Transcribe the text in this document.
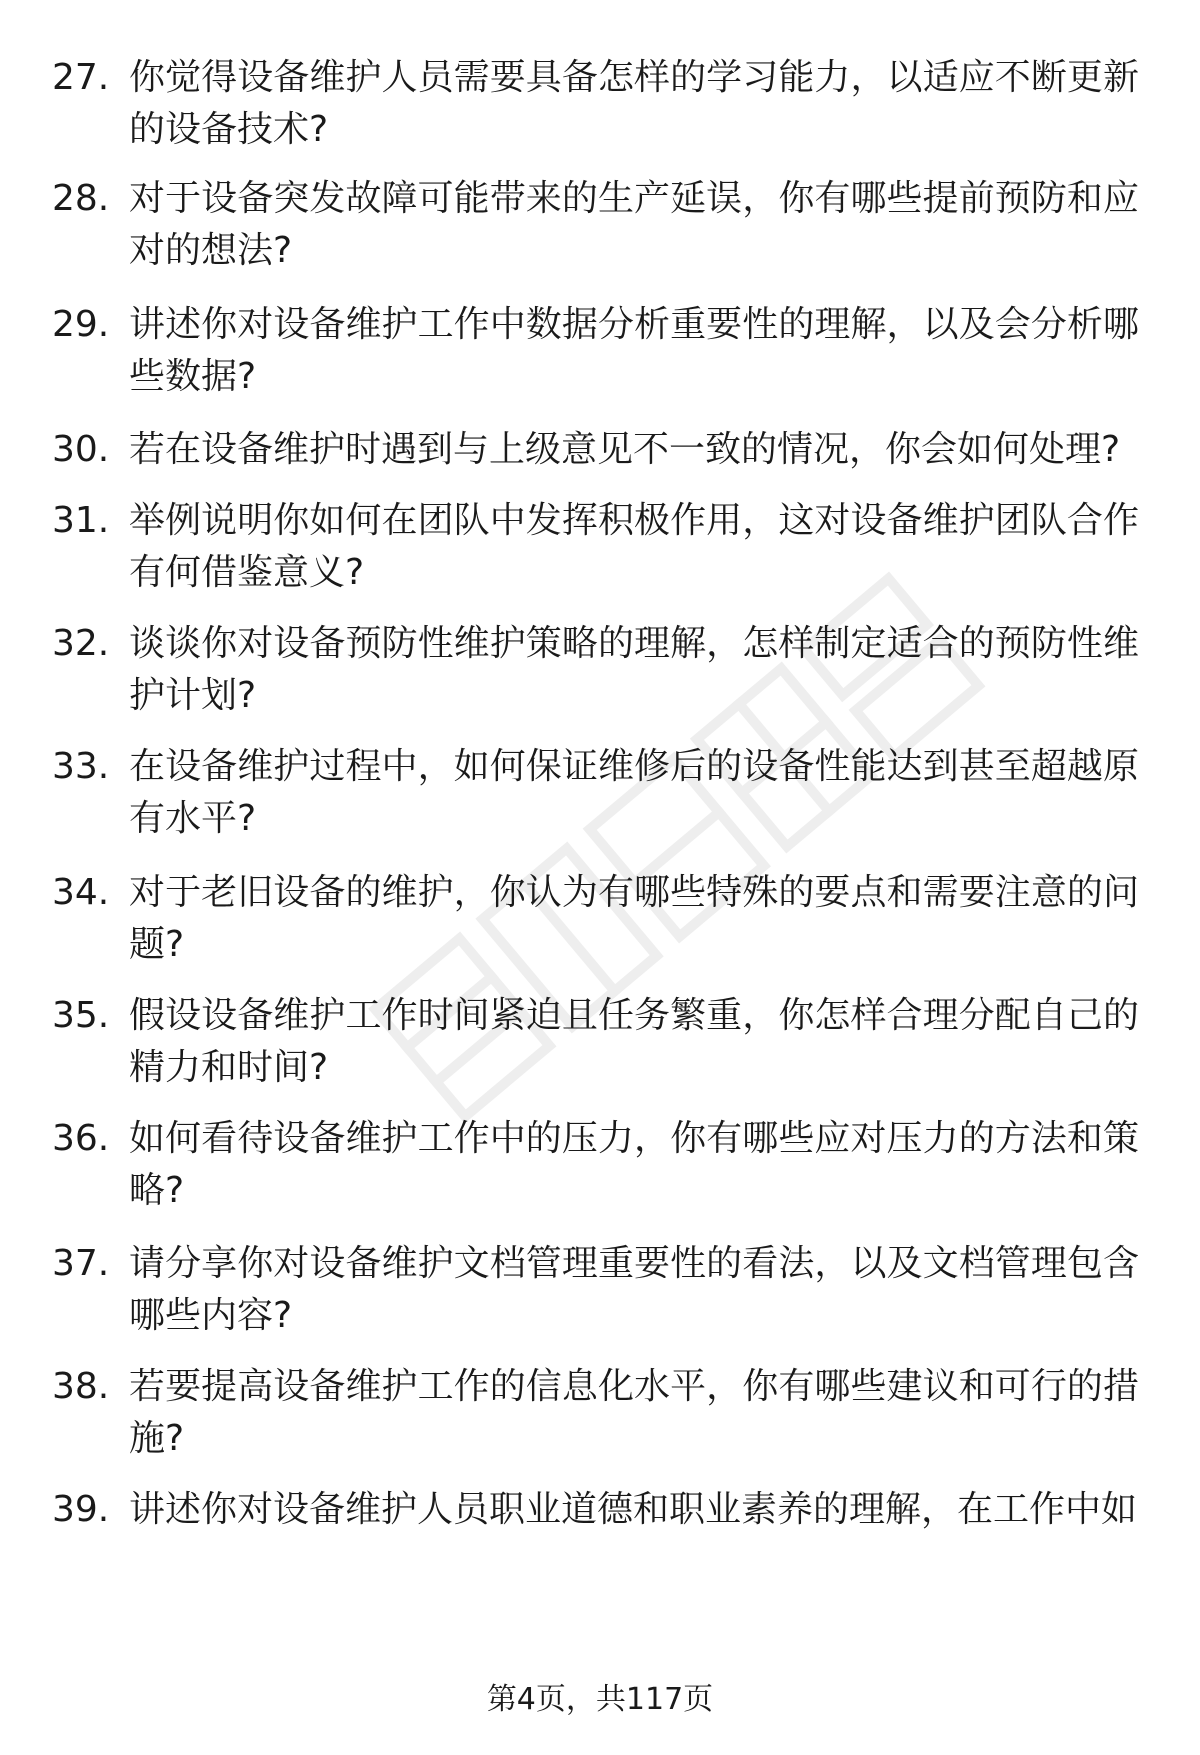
27. 你觉得设备维护人员需要具备怎样的学习能力，以适应不断更新的设备技术?
28. 对于设备突发故障可能带来的生产延误，你有哪些提前预防和应对的想法?
29. 讲述你对设备维护工作中数据分析重要性的理解，以及会分析哪些数据?
30. 若在设备维护时遇到与上级意见不一致的情况，你会如何处理?
31. 举例说明你如何在团队中发挥积极作用，这对设备维护团队合作有何借鉴意义?
32. 谈谈你对设备预防性维护策略的理解，怎样制定适合的预防性维护计划?
33. 在设备维护过程中，如何保证维修后的设备性能达到甚至超越原有水平?
34. 对于老旧设备的维护，你认为有哪些特殊的要点和需要注意的问题?
35. 假设设备维护工作时间紧迫且任务繁重，你怎样合理分配自己的精力和时间?
36. 如何看待设备维护工作中的压力，你有哪些应对压力的方法和策略?
37. 请分享你对设备维护文档管理重要性的看法，以及文档管理包含哪些内容?
38. 若要提高设备维护工作的信息化水平，你有哪些建议和可行的措施?
39. 讲述你对设备维护人员职业道德和职业素养的理解，在工作中如
第4页，共117页
